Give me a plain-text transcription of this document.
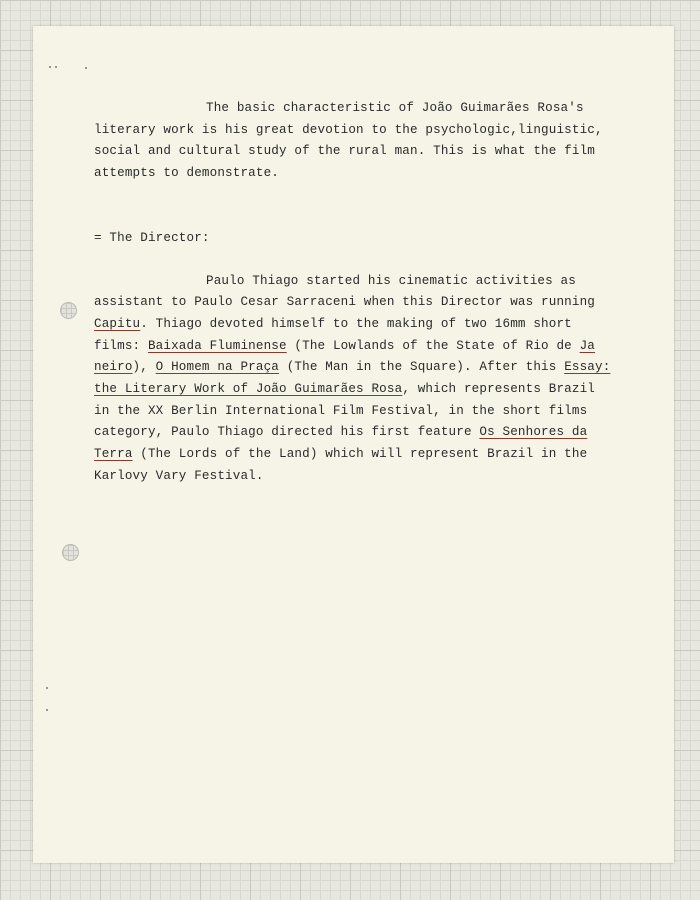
The basic characteristic of João Guimarães Rosa's
literary work is his great devotion to the psychologic,linguistic,
social and cultural study of the rural man. This is what the film
attempts to demonstrate.
= The Director:
Paulo Thiago started his cinematic activities as
assistant to Paulo Cesar Sarraceni when this Director was running
Capitu . Thiago devoted himself to the making of two 16mm short
films: Baixada Fluminense (The Lowlands of the State of Rio de Ja
neiro ), O Homem na Praça (The Man in the Square). After this Essay:
the Literary Work of João Guimarães Rosa , which represents Brazil
in the XX Berlin International Film Festival, in the short films
category, Paulo Thiago directed his first feature Os Senhores da
Terra (The Lords of the Land) which will represent Brazil in the
Karlovy Vary Festival.
